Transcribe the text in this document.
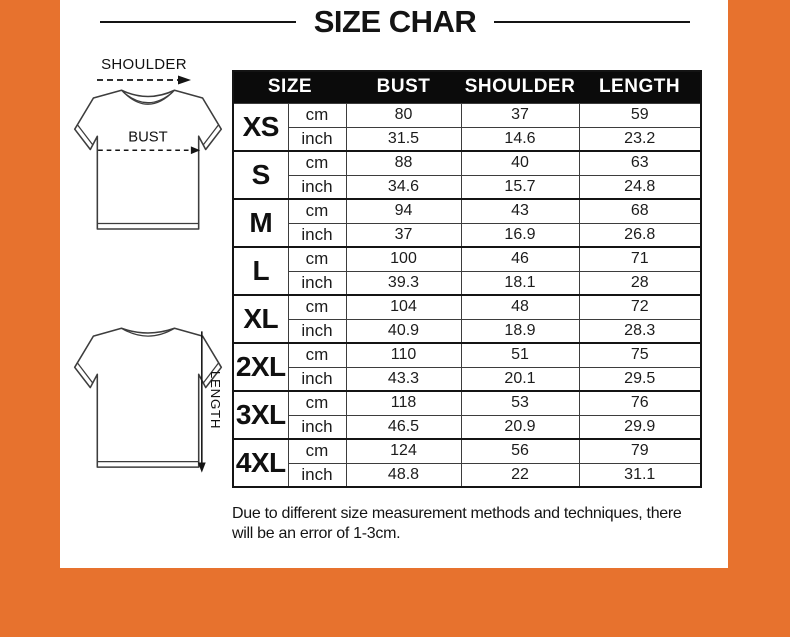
SIZE CHAR
SHOULDER
BUST
LENGTH
SIZE		BUST	SHOULDER	LENGTH
XS	cm	80	37	59
	inch	31.5	14.6	23.2
S	cm	88	40	63
	inch	34.6	15.7	24.8
M	cm	94	43	68
	inch	37	16.9	26.8
L	cm	100	46	71
	inch	39.3	18.1	28
XL	cm	104	48	72
	inch	40.9	18.9	28.3
2XL	cm	110	51	75
	inch	43.3	20.1	29.5
3XL	cm	118	53	76
	inch	46.5	20.9	29.9
4XL	cm	124	56	79
	inch	48.8	22	31.1
Due to different size measurement methods and techniques, there
will be an error of 1-3cm.
